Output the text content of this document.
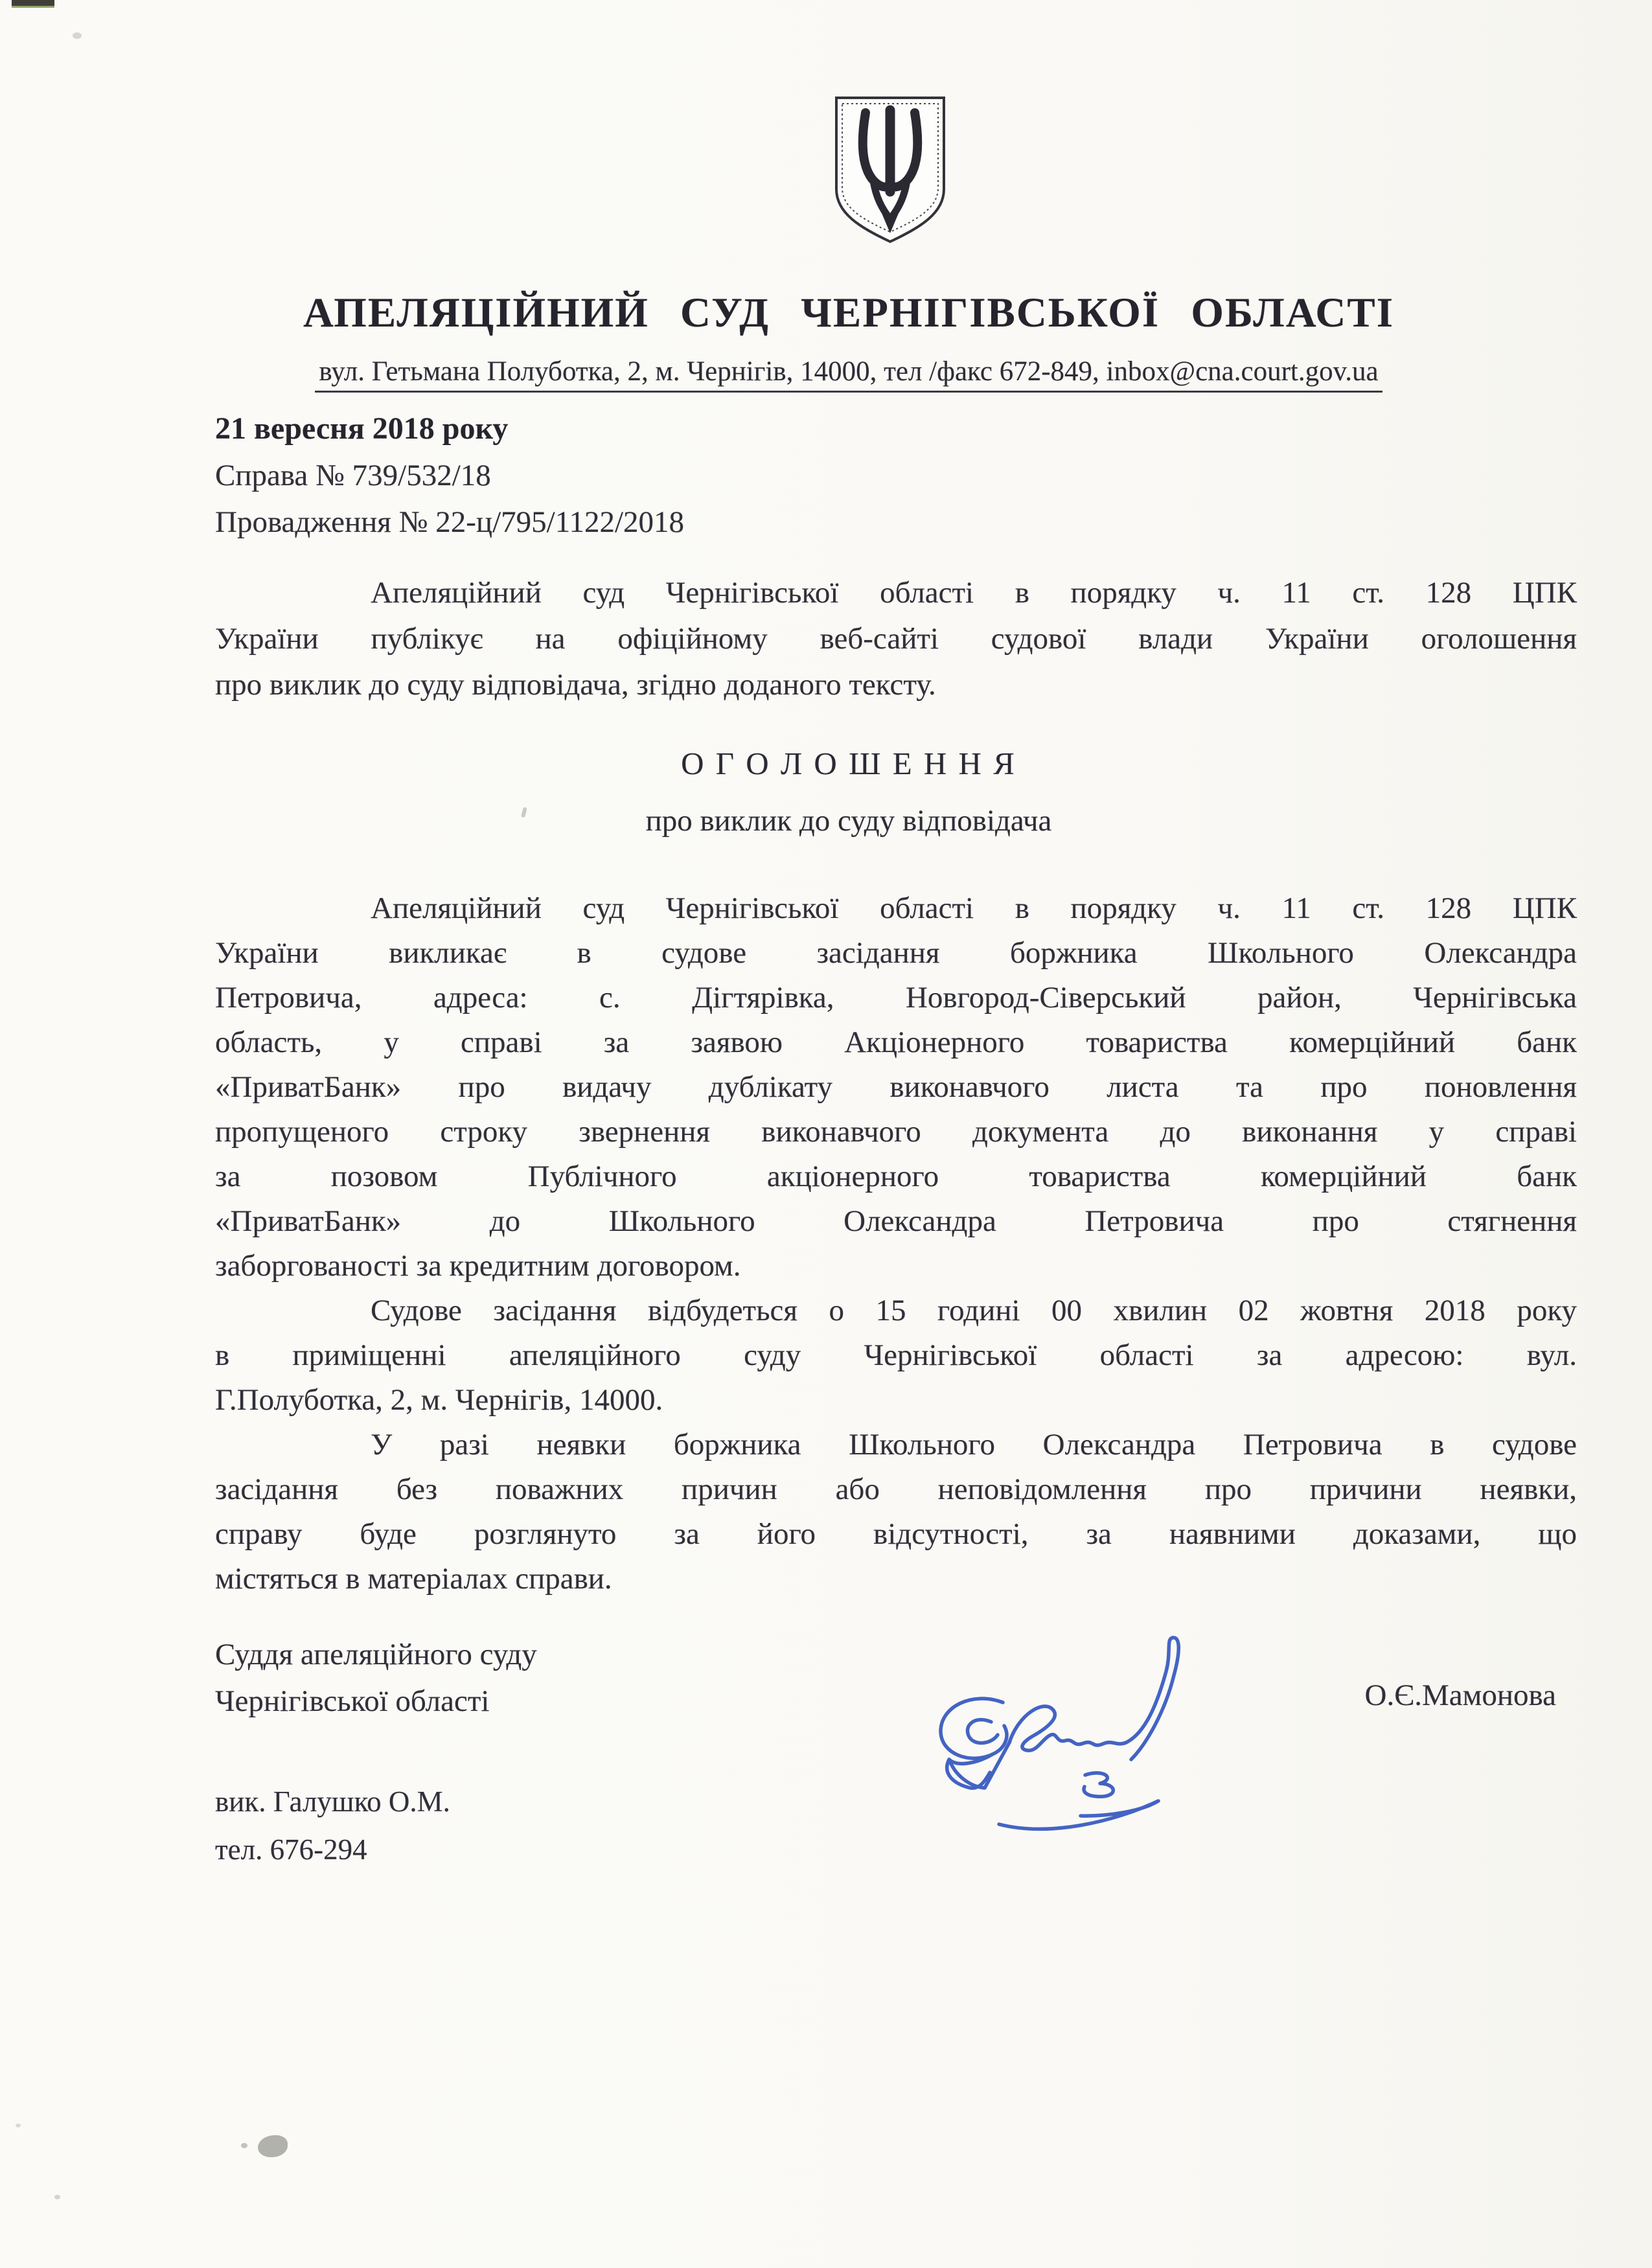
АПЕЛЯЦІЙНИЙ СУД ЧЕРНІГІВСЬКОЇ ОБЛАСТІ
вул. Гетьмана Полуботка, 2, м. Чернігів, 14000, тел /факс 672-849, inbox@cna.court.gov.ua
21 вересня 2018 року
Справа № 739/532/18
Провадження № 22-ц/795/1122/2018
Апеляційний суд Чернігівської області в порядку ч. 11 ст. 128 ЦПК
України публікує на офіційному веб-сайті судової влади України оголошення
про виклик до суду відповідача, згідно доданого тексту.
О Г О Л О Ш Е Н Н Я
про виклик до суду відповідача
Апеляційний суд Чернігівської області в порядку ч. 11 ст. 128 ЦПК
України викликає в судове засідання боржника Школьного Олександра
Петровича, адреса: с. Дігтярівка, Новгород-Сіверський район, Чернігівська
область, у справі за заявою Акціонерного товариства комерційний банк
«ПриватБанк» про видачу дублікату виконавчого листа та про поновлення
пропущеного строку звернення виконавчого документа до виконання у справі
за позовом Публічного акціонерного товариства комерційний банк
«ПриватБанк» до Школьного Олександра Петровича про стягнення
заборгованості за кредитним договором.
Судове засідання відбудеться о 15 годині 00 хвилин 02 жовтня 2018 року
в приміщенні апеляційного суду Чернігівської області за адресою: вул.
Г.Полуботка, 2, м. Чернігів, 14000.
У разі неявки боржника Школьного Олександра Петровича в судове
засідання без поважних причин або неповідомлення про причини неявки,
справу буде розглянуто за його відсутності, за наявними доказами, що
містяться в матеріалах справи.
Суддя апеляційного суду
Чернігівської області	О.Є.Мамонова
вик. Галушко О.М.
тел. 676-294
